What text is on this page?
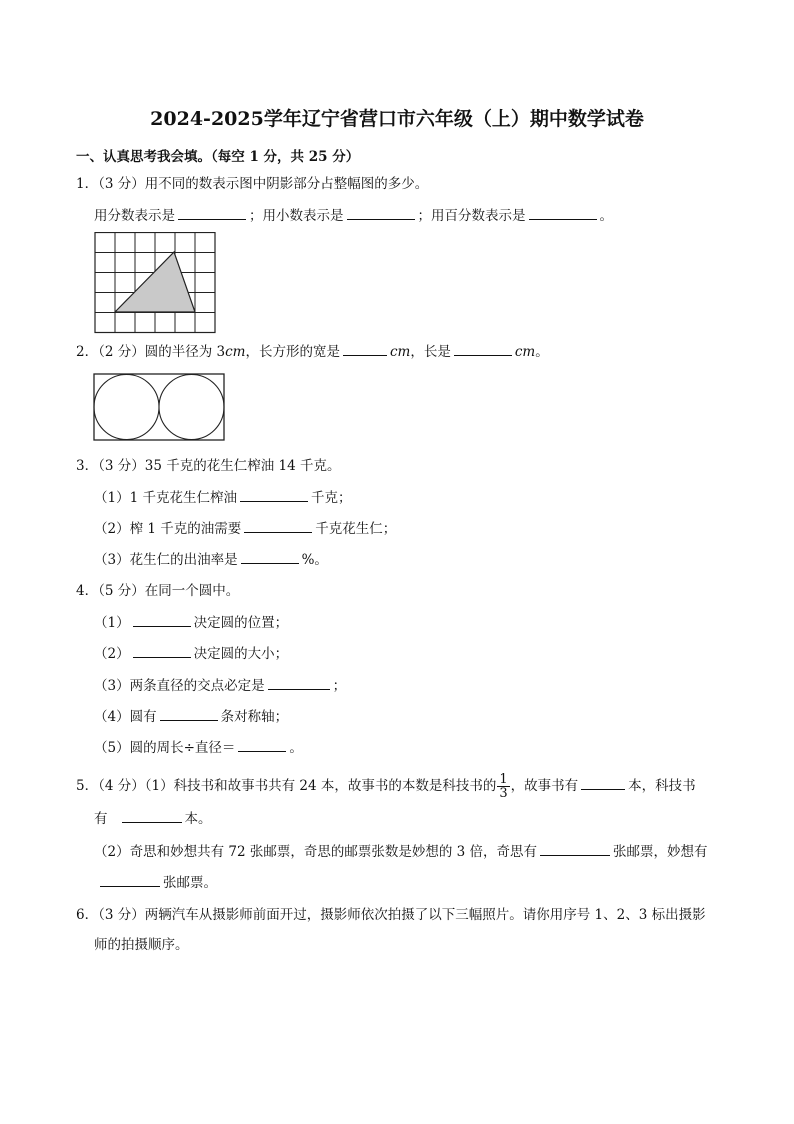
2024-2025学年辽宁省营口市六年级（上）期中数学试卷
一、认真思考我会填。（每空 1 分，共 25 分）
1．（3 分）用不同的数表示图中阴影部分占整幅图的多少。
用分数表示是	；用小数表示是	；用百分数表示是	。
2．（2 分）圆的半径为 3cm，长方形的宽是	cm，长是	cm。
3．（3 分）35 千克的花生仁榨油 14 千克。
（1）1 千克花生仁榨油	千克；
（2）榨 1 千克的油需要	千克花生仁；
（3）花生仁的出油率是	%。
4．（5 分）在同一个圆中。
（1）	决定圆的位置；
（2）	决定圆的大小；
（3）两条直径的交点必定是	；
（4）圆有	条对称轴；
（5）圆的周长÷直径＝	。
5．（4 分）（1）科技书和故事书共有 24 本，故事书的本数是科技书的 $\frac{1}{3}$ ，故事书有	本，科技书
有	本。
（2）奇思和妙想共有 72 张邮票，奇思的邮票张数是妙想的 3 倍，奇思有	张邮票，妙想有
张邮票。
6．（3 分）两辆汽车从摄影师前面开过，摄影师依次拍摄了以下三幅照片。请你用序号 1、2、3 标出摄影
师的拍摄顺序。
